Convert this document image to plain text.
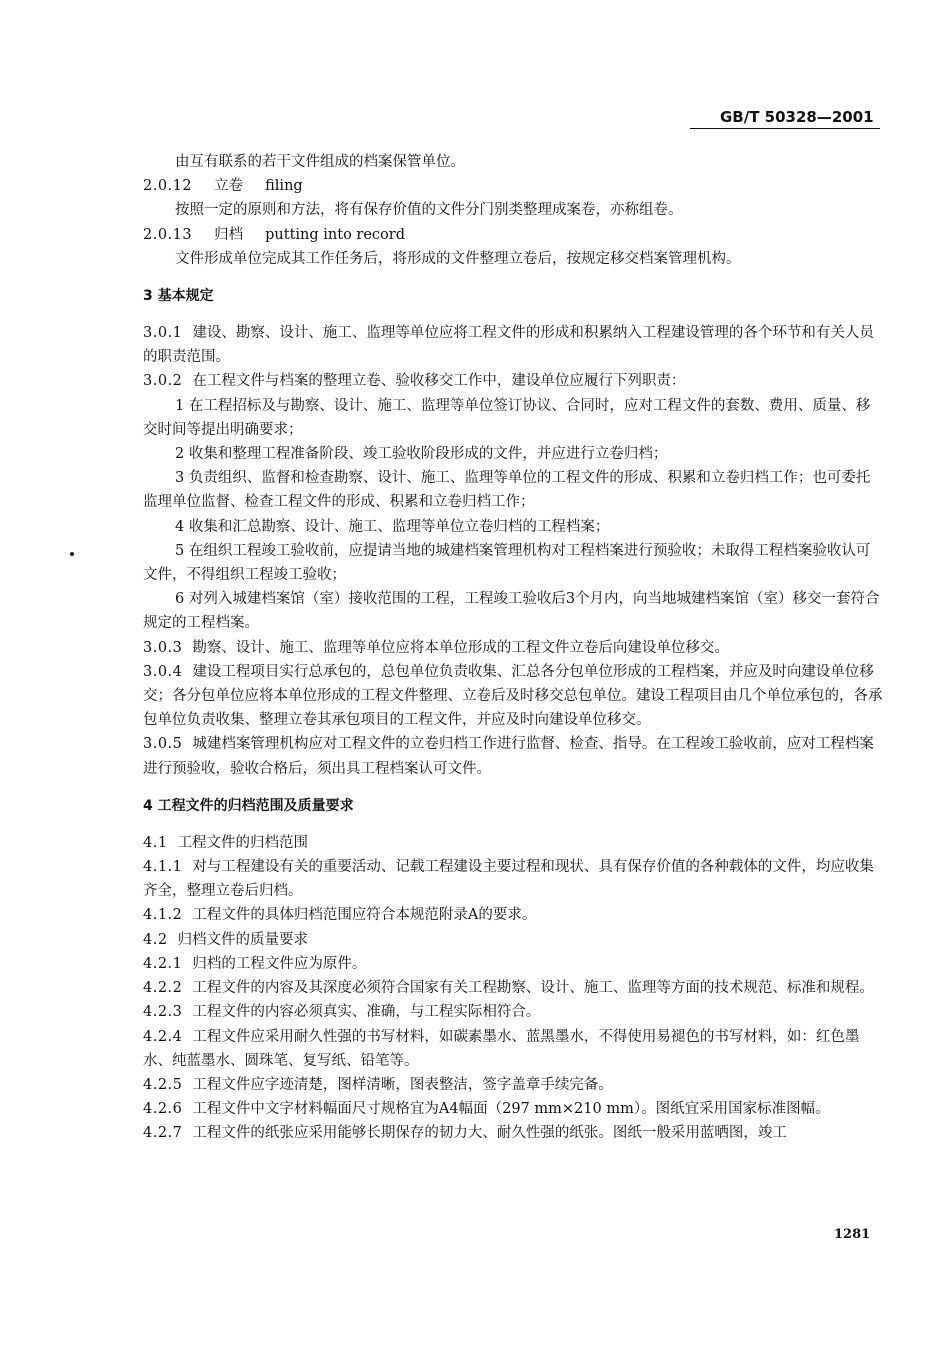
GB/T 50328—2001

由互有联系的若干文件组成的档案保管单位。

2.0.12 立卷 filing

按照一定的原则和方法，将有保存价值的文件分门别类整理成案卷，亦称组卷。

2.0.13 归档 putting into record

文件形成单位完成其工作任务后，将形成的文件整理立卷后，按规定移交档案管理机构。

3 基本规定

3.0.1 建设、勘察、设计、施工、监理等单位应将工程文件的形成和积累纳入工程建设管理的各个环节和有关人员的职责范围。

3.0.2 在工程文件与档案的整理立卷、验收移交工作中，建设单位应履行下列职责：

1 在工程招标及与勘察、设计、施工、监理等单位签订协议、合同时，应对工程文件的套数、费用、质量、移交时间等提出明确要求；

2 收集和整理工程准备阶段、竣工验收阶段形成的文件，并应进行立卷归档；

3 负责组织、监督和检查勘察、设计、施工、监理等单位的工程文件的形成、积累和立卷归档工作；也可委托监理单位监督、检查工程文件的形成、积累和立卷归档工作；

4 收集和汇总勘察、设计、施工、监理等单位立卷归档的工程档案；

5 在组织工程竣工验收前，应提请当地的城建档案管理机构对工程档案进行预验收；未取得工程档案验收认可文件，不得组织工程竣工验收；

6 对列入城建档案馆（室）接收范围的工程，工程竣工验收后3个月内，向当地城建档案馆（室）移交一套符合规定的工程档案。

3.0.3 勘察、设计、施工、监理等单位应将本单位形成的工程文件立卷后向建设单位移交。

3.0.4 建设工程项目实行总承包的，总包单位负责收集、汇总各分包单位形成的工程档案，并应及时向建设单位移交；各分包单位应将本单位形成的工程文件整理、立卷后及时移交总包单位。建设工程项目由几个单位承包的，各承包单位负责收集、整理立卷其承包项目的工程文件，并应及时向建设单位移交。

3.0.5 城建档案管理机构应对工程文件的立卷归档工作进行监督、检查、指导。在工程竣工验收前，应对工程档案进行预验收，验收合格后，须出具工程档案认可文件。

4 工程文件的归档范围及质量要求

4.1 工程文件的归档范围

4.1.1 对与工程建设有关的重要活动、记载工程建设主要过程和现状、具有保存价值的各种载体的文件，均应收集齐全，整理立卷后归档。

4.1.2 工程文件的具体归档范围应符合本规范附录A的要求。

4.2 归档文件的质量要求

4.2.1 归档的工程文件应为原件。

4.2.2 工程文件的内容及其深度必须符合国家有关工程勘察、设计、施工、监理等方面的技术规范、标准和规程。

4.2.3 工程文件的内容必须真实、准确，与工程实际相符合。

4.2.4 工程文件应采用耐久性强的书写材料，如碳素墨水、蓝黑墨水，不得使用易褪色的书写材料，如：红色墨水、纯蓝墨水、圆珠笔、复写纸、铅笔等。

4.2.5 工程文件应字迹清楚，图样清晰，图表整洁，签字盖章手续完备。

4.2.6 工程文件中文字材料幅面尺寸规格宜为A4幅面（297 mm×210 mm）。图纸宜采用国家标准图幅。

4.2.7 工程文件的纸张应采用能够长期保存的韧力大、耐久性强的纸张。图纸一般采用蓝晒图，竣工

1281
